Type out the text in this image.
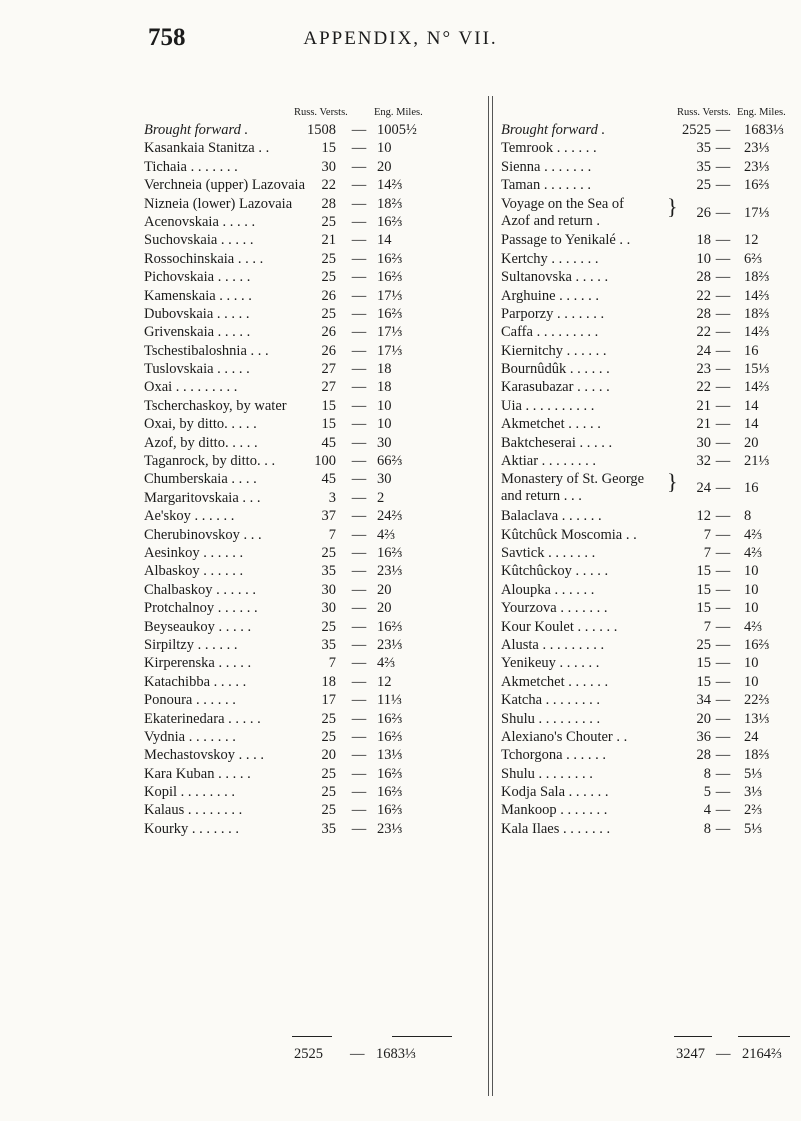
758	APPENDIX, N° VII.
Russ. Versts. Eng. Miles.
Brought forward .	1508 — 1005½
Kasankaia Stanitza . .	15 — 10
Tichaia . . . . . . .	30 — 20
Verchneia (upper) Lazovaia	22 — 14⅔
Nizneia (lower) Lazovaia	28 — 18⅔
Acenovskaia . . . . .	25 — 16⅔
Suchovskaia . . . . .	21 — 14
Rossochinskaia . . . .	25 — 16⅔
Pichovskaia . . . . .	25 — 16⅔
Kamenskaia . . . . .	26 — 17⅓
Dubovskaia . . . . .	25 — 16⅔
Grivenskaia . . . . .	26 — 17⅓
Tschestibaloshnia . . .	26 — 17⅓
Tuslovskaia . . . . .	27 — 18
Oxai . . . . . . . . .	27 — 18
Tscherchaskoy, by water	15 — 10
Oxai, by ditto. . . . .	15 — 10
Azof, by ditto. . . . .	45 — 30
Taganrock, by ditto. . .	100 — 66⅔
Chumberskaia . . . .	45 — 30
Margaritovskaia . . .	3 — 2
Ae'skoy . . . . . .	37 — 24⅔
Cherubinovskoy . . .	7 — 4⅔
Aesinkoy . . . . . .	25 — 16⅔
Albaskoy . . . . . .	35 — 23⅓
Chalbaskoy . . . . . .	30 — 20
Protchalnoy . . . . . .	30 — 20
Beyseaukoy . . . . .	25 — 16⅔
Sirpiltzy . . . . . .	35 — 23⅓
Kirperenska . . . . .	7 — 4⅔
Katachibba . . . . .	18 — 12
Ponoura . . . . . .	17 — 11⅓
Ekaterinedara . . . . .	25 — 16⅔
Vydnia . . . . . . .	25 — 16⅔
Mechastovskoy . . . .	20 — 13⅓
Kara Kuban . . . . .	25 — 16⅔
Kopil . . . . . . . .	25 — 16⅔
Kalaus . . . . . . . .	25 — 16⅔
Kourky . . . . . . .	35 — 23⅓
Russ. Versts. Eng. Miles.
Brought forward .	2525 — 1683⅓
Temrook . . . . . .	35 — 23⅓
Sienna . . . . . . .	35 — 23⅓
Taman . . . . . . .	25 — 16⅔
}
Voyage on the Sea of
Azof and return .	26 — 17⅓
Passage to Yenikalé . .	18 — 12
Kertchy . . . . . . .	10 — 6⅔
Sultanovska . . . . .	28 — 18⅔
Arghuine . . . . . .	22 — 14⅔
Parporzy . . . . . . .	28 — 18⅔
Caffa . . . . . . . . .	22 — 14⅔
Kiernitchy . . . . . .	24 — 16
Bournûdûk . . . . . .	23 — 15⅓
Karasubazar . . . . .	22 — 14⅔
Uia . . . . . . . . . .	21 — 14
Akmetchet . . . . .	21 — 14
Baktcheserai . . . . .	30 — 20
Aktiar . . . . . . . .	32 — 21⅓
}
Monastery of St. George
and return . . .	24 — 16
Balaclava . . . . . .	12 — 8
Kûtchûck Moscomia . .	7 — 4⅔
Savtick . . . . . . .	7 — 4⅔
Kûtchûckoy . . . . .	15 — 10
Aloupka . . . . . .	15 — 10
Yourzova . . . . . . .	15 — 10
Kour Koulet . . . . . .	7 — 4⅔
Alusta . . . . . . . . .	25 — 16⅔
Yenikeuy . . . . . .	15 — 10
Akmetchet . . . . . .	15 — 10
Katcha . . . . . . . .	34 — 22⅔
Shulu . . . . . . . . .	20 — 13⅓
Alexiano's Chouter . .	36 — 24
Tchorgona . . . . . .	28 — 18⅔
Shulu . . . . . . . .	8 — 5⅓
Kodja Sala . . . . . .	5 — 3⅓
Mankoop . . . . . . .	4 — 2⅔
Kala Ilaes . . . . . . .	8 — 5⅓
2525 — 1683⅓	3247 — 2164⅔
